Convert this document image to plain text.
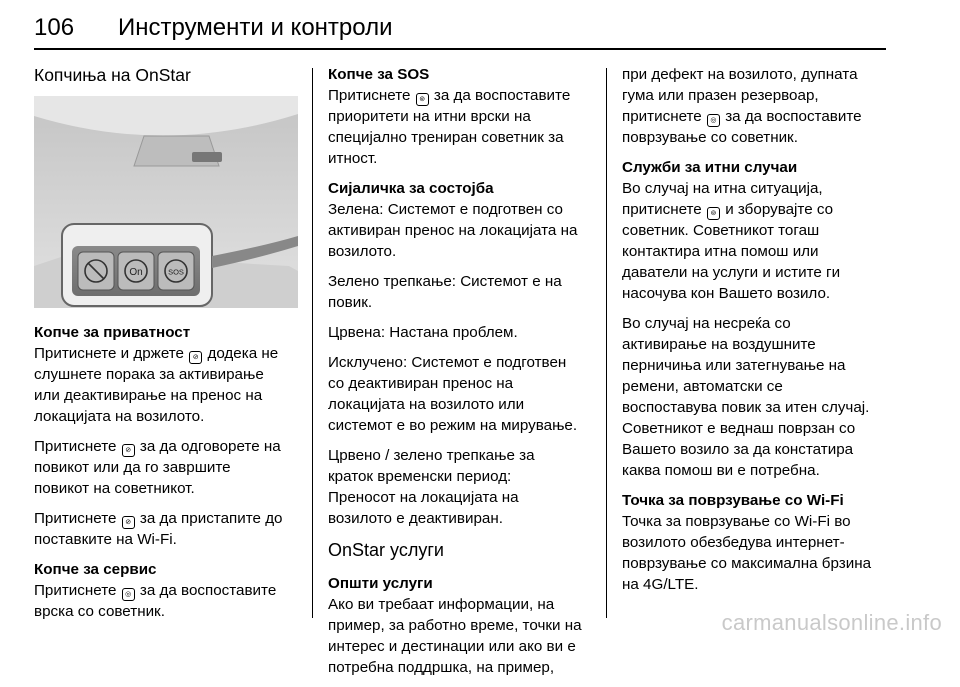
106 Инструменти и контроли
Копчиња на OnStar
On	SOS
Копче за приватност

Притиснете и држете ⊘ додека не
слушнете порака за активирање
или деактивирање на пренос на
локацијата на возилото.

Притиснете ⊘ за да одговорете на
повикот или да го завршите
повикот на советникот.

Притиснете ⊘ за да пристапите до
поставките на Wi-Fi.

Копче за сервис

Притиснете ◎ за да воспоставите
врска со советник.

Копче за SOS

Притиснете ⊚ за да воспоставите
приоритети на итни врски на
специјално трениран советник за
итност.

Сијаличка за состојба

Зелена: Системот е подготвен со
активиран пренос на локацијата на
возилото.

Зелено трепкање: Системот е на
повик.

Црвена: Настана проблем.

Исклучено: Системот е подготвен
со деактивиран пренос на
локацијата на возилото или
системот е во режим на мирување.

Црвено / зелено трепкање за
краток временски период:
Преносот на локацијата на
возилото е деактивиран.

OnStar услуги
Општи услуги

Ако ви требаат информации, на
пример, за работно време, точки на
интерес и дестинации или ако ви е
потребна поддршка, на пример,

при дефект на возилото, дупната
гума или празен резервоар,
притиснете ◎ за да воспоставите
поврзување со советник.

Служби за итни случаи

Во случај на итна ситуација,
притиснете ⊚ и зборувајте со
советник. Советникот тогаш
контактира итна помош или
даватели на услуги и истите ги
насочува кон Вашето возило.

Во случај на несреќа со
активирање на воздушните
перничиња или затегнување на
ремени, автоматски се
воспоставува повик за итен случај.
Советникот е веднаш поврзан со
Вашето возило за да констатира
каква помош ви е потребна.

Точка за поврзување со Wi-Fi

Точка за поврзување со Wi-Fi во
возилото обезбедува интернет-
поврзување со максимална брзина
на 4G/LTE.

carmanualsonline.info
